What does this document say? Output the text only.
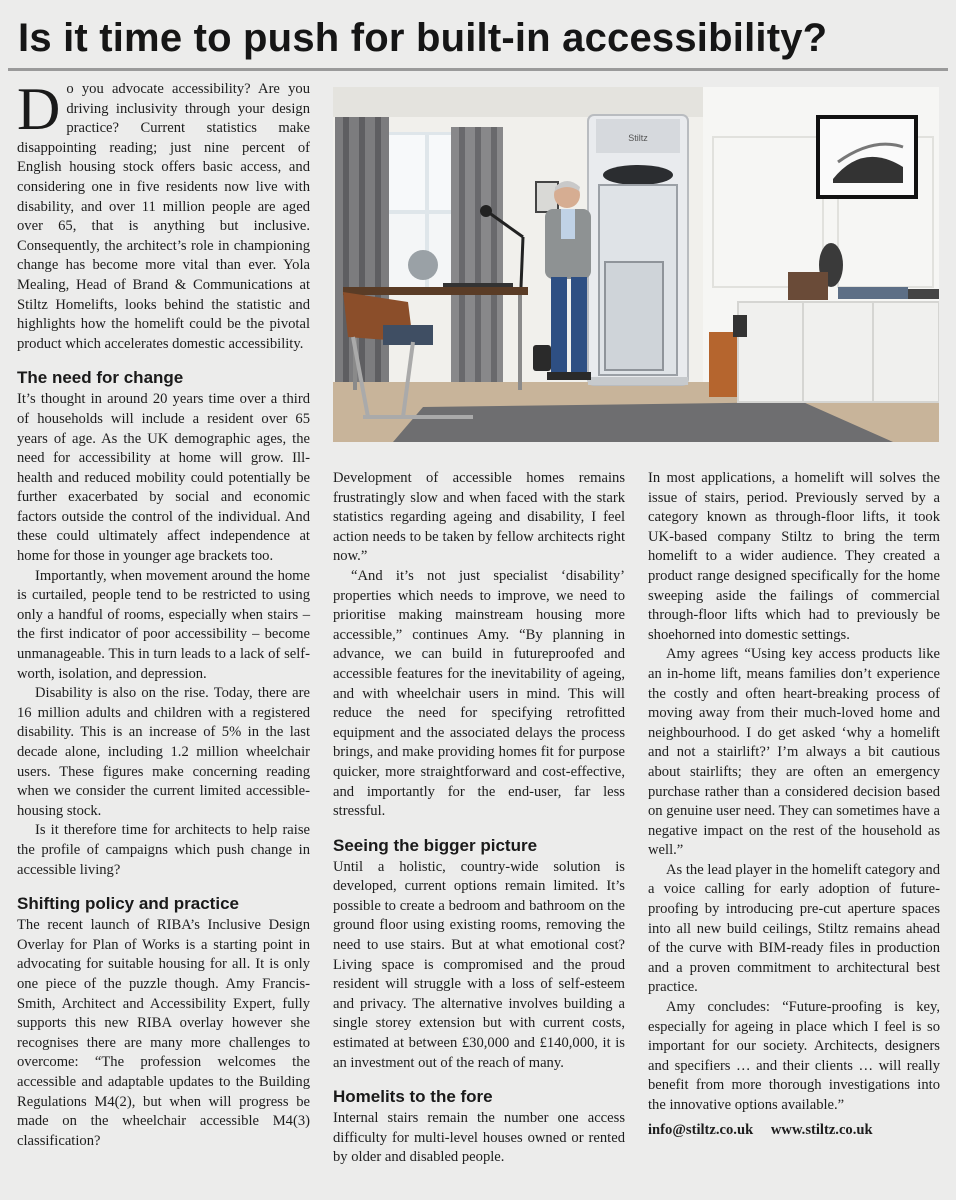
Is it time to push for built-in accessibility?

Do you advocate accessibility? Are you driving inclusivity through your design practice? Current statistics make disappointing reading; just nine percent of English housing stock offers basic access, and considering one in five residents now live with disability, and over 11 million people are aged over 65, that is anything but inclusive. Consequently, the architect’s role in championing change has become more vital than ever. Yola Mealing, Head of Brand & Communications at Stiltz Homelifts, looks behind the statistic and highlights how the homelift could be the pivotal product which accelerates domestic accessibility.

The need for change

It’s thought in around 20 years time over a third of households will include a resident over 65 years of age. As the UK demographic ages, the need for accessibility at home will grow. Ill-health and reduced mobility could potentially be further exacerbated by social and economic factors outside the control of the individual. And these could ultimately affect independence at home for those in younger age brackets too.

Importantly, when movement around the home is curtailed, people tend to be restricted to using only a handful of rooms, especially when stairs – the first indicator of poor accessibility – become unmanageable. This in turn leads to a lack of self-worth, isolation, and depression.

Disability is also on the rise. Today, there are 16 million adults and children with a registered disability. This is an increase of 5% in the last decade alone, including 1.2 million wheelchair users. These figures make concerning reading when we consider the current limited accessible-housing stock.

Is it therefore time for architects to help raise the profile of campaigns which push change in accessible living?

Shifting policy and practice

The recent launch of RIBA’s Inclusive Design Overlay for Plan of Works is a starting point in advocating for suitable housing for all. It is only one piece of the puzzle though. Amy Francis-Smith, Architect and Accessibility Expert, fully supports this new RIBA overlay however she recognises there are many more challenges to overcome: “The profession welcomes the accessible and adaptable updates to the Building Regulations M4(2), but when will progress be made on the wheelchair accessible M4(3) classification?

Stiltz

Development of accessible homes remains frustratingly slow and when faced with the stark statistics regarding ageing and disability, I feel action needs to be taken by fellow architects right now.”

“And it’s not just specialist ‘disability’ properties which needs to improve, we need to prioritise making mainstream housing more accessible,” continues Amy. “By planning in advance, we can build in futureproofed and accessible features for the inevitability of ageing, and with wheelchair users in mind. This will reduce the need for specifying retrofitted equipment and the associated delays the process brings, and make providing homes fit for purpose quicker, more straightforward and cost-effective, and importantly for the end-user, far less stressful.

Seeing the bigger picture

Until a holistic, country-wide solution is developed, current options remain limited. It’s possible to create a bedroom and bathroom on the ground floor using existing rooms, removing the need to use stairs. But at what emotional cost? Living space is compromised and the proud resident will struggle with a loss of self-esteem and privacy. The alternative involves building a single storey extension but with current costs, estimated at between £30,000 and £140,000, it is an investment out of the reach of many.

Homelits to the fore

Internal stairs remain the number one access difficulty for multi-level houses owned or rented by older and disabled people.

In most applications, a homelift will solves the issue of stairs, period. Previously served by a category known as through-floor lifts, it took UK-based company Stiltz to bring the term homelift to a wider audience. They created a product range designed specifically for the home sweeping aside the failings of commercial through-floor lifts which had to previously be shoehorned into domestic settings.

Amy agrees “Using key access products like an in-home lift, means families don’t experience the costly and often heart-breaking process of moving away from their much-loved home and neighbourhood. I do get asked ‘why a homelift and not a stairlift?’ I’m always a bit cautious about stairlifts; they are often an emergency purchase rather than a considered decision based on genuine user need. They can sometimes have a negative impact on the rest of the household as well.”

As the lead player in the homelift category and a voice calling for early adoption of future-proofing by introducing pre-cut aperture spaces into all new build ceilings, Stiltz remains ahead of the curve with BIM-ready files in production and a proven commitment to architectural best practice.

Amy concludes: “Future-proofing is key, especially for ageing in place which I feel is so important for our society. Architects, designers and specifiers … and their clients … will really benefit from more thorough investigations into the innovative options available.”

info@stiltz.co.uk www.stiltz.co.uk
